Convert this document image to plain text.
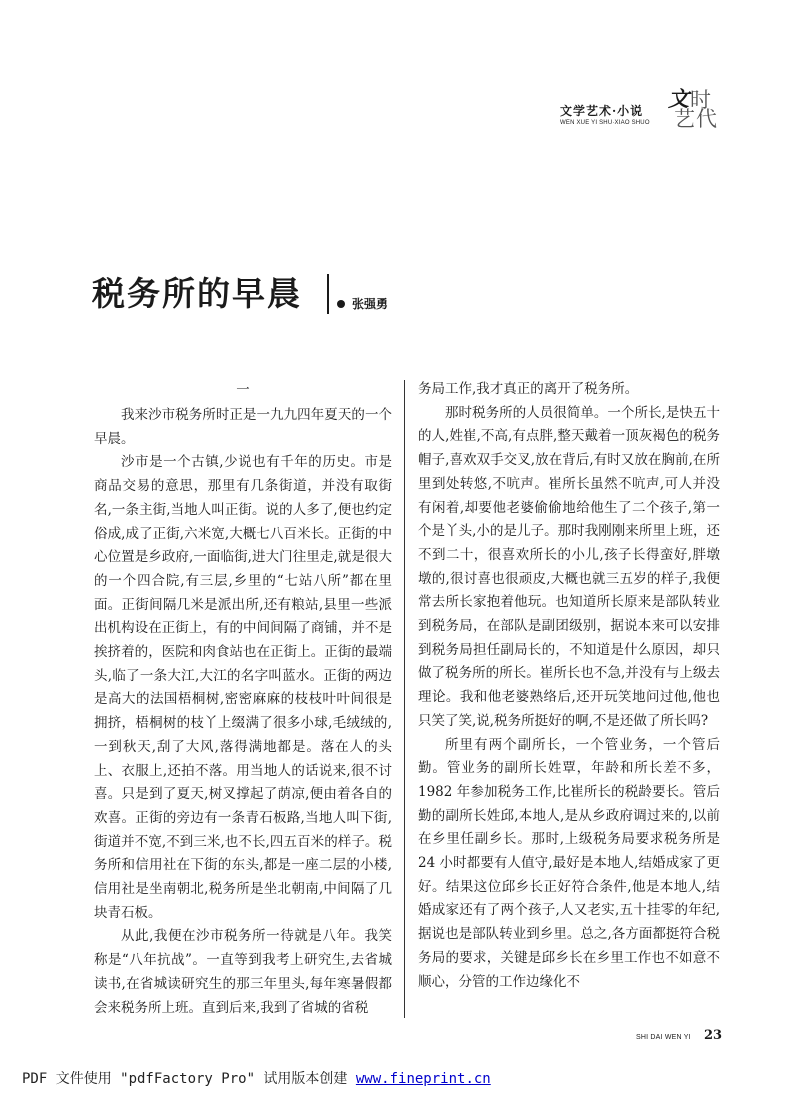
文学艺术·小说
WEN XUE YI SHU·XIAO SHUO
文 时
艺 代
税务所的早晨	张强勇
一

我来沙市税务所时正是一九九四年夏天的一个早晨。

沙市是一个古镇,少说也有千年的历史。市是商品交易的意思，那里有几条街道，并没有取街名,一条主街,当地人叫正街。说的人多了,便也约定俗成,成了正街,六米宽,大概七八百米长。正街的中心位置是乡政府,一面临街,进大门往里走,就是很大的一个四合院,有三层,乡里的“七站八所”都在里面。正街间隔几米是派出所,还有粮站,县里一些派出机构设在正街上，有的中间间隔了商铺，并不是挨挤着的，医院和肉食站也在正街上。正街的最端头,临了一条大江,大江的名字叫蓝水。正街的两边是高大的法国梧桐树,密密麻麻的枝枝叶叶间很是拥挤，梧桐树的枝丫上缀满了很多小球,毛绒绒的,一到秋天,刮了大风,落得满地都是。落在人的头上、衣服上,还拍不落。用当地人的话说来,很不讨喜。只是到了夏天,树叉撑起了荫凉,便由着各自的欢喜。正街的旁边有一条青石板路,当地人叫下街,街道并不宽,不到三米,也不长,四五百米的样子。税务所和信用社在下街的东头,都是一座二层的小楼,信用社是坐南朝北,税务所是坐北朝南,中间隔了几块青石板。

从此,我便在沙市税务所一待就是八年。我笑称是“八年抗战”。一直等到我考上研究生,去省城读书,在省城读研究生的那三年里头,每年寒暑假都会来税务所上班。直到后来,我到了省城的省税

务局工作,我才真正的离开了税务所。

那时税务所的人员很简单。一个所长,是快五十的人,姓崔,不高,有点胖,整天戴着一顶灰褐色的税务帽子,喜欢双手交叉,放在背后,有时又放在胸前,在所里到处转悠,不吭声。崔所长虽然不吭声,可人并没有闲着,却要他老婆偷偷地给他生了二个孩子,第一个是丫头,小的是儿子。那时我刚刚来所里上班，还不到二十，很喜欢所长的小儿,孩子长得蛮好,胖墩墩的,很讨喜也很顽皮,大概也就三五岁的样子,我便常去所长家抱着他玩。也知道所长原来是部队转业到税务局，在部队是副团级别，据说本来可以安排到税务局担任副局长的，不知道是什么原因，却只做了税务所的所长。崔所长也不急,并没有与上级去理论。我和他老婆熟络后,还开玩笑地问过他,他也只笑了笑,说,税务所挺好的啊,不是还做了所长吗?

所里有两个副所长，一个管业务，一个管后勤。管业务的副所长姓覃，年龄和所长差不多，1982 年参加税务工作,比崔所长的税龄要长。管后勤的副所长姓邱,本地人,是从乡政府调过来的,以前在乡里任副乡长。那时,上级税务局要求税务所是 24 小时都要有人值守,最好是本地人,结婚成家了更好。结果这位邱乡长正好符合条件,他是本地人,结婚成家还有了两个孩子,人又老实,五十挂零的年纪,据说也是部队转业到乡里。总之,各方面都挺符合税务局的要求，关键是邱乡长在乡里工作也不如意不顺心，分管的工作边缘化不

SHI DAI WEN YI 23
PDF 文件使用 "pdfFactory Pro" 试用版本创建 www.fineprint.cn
